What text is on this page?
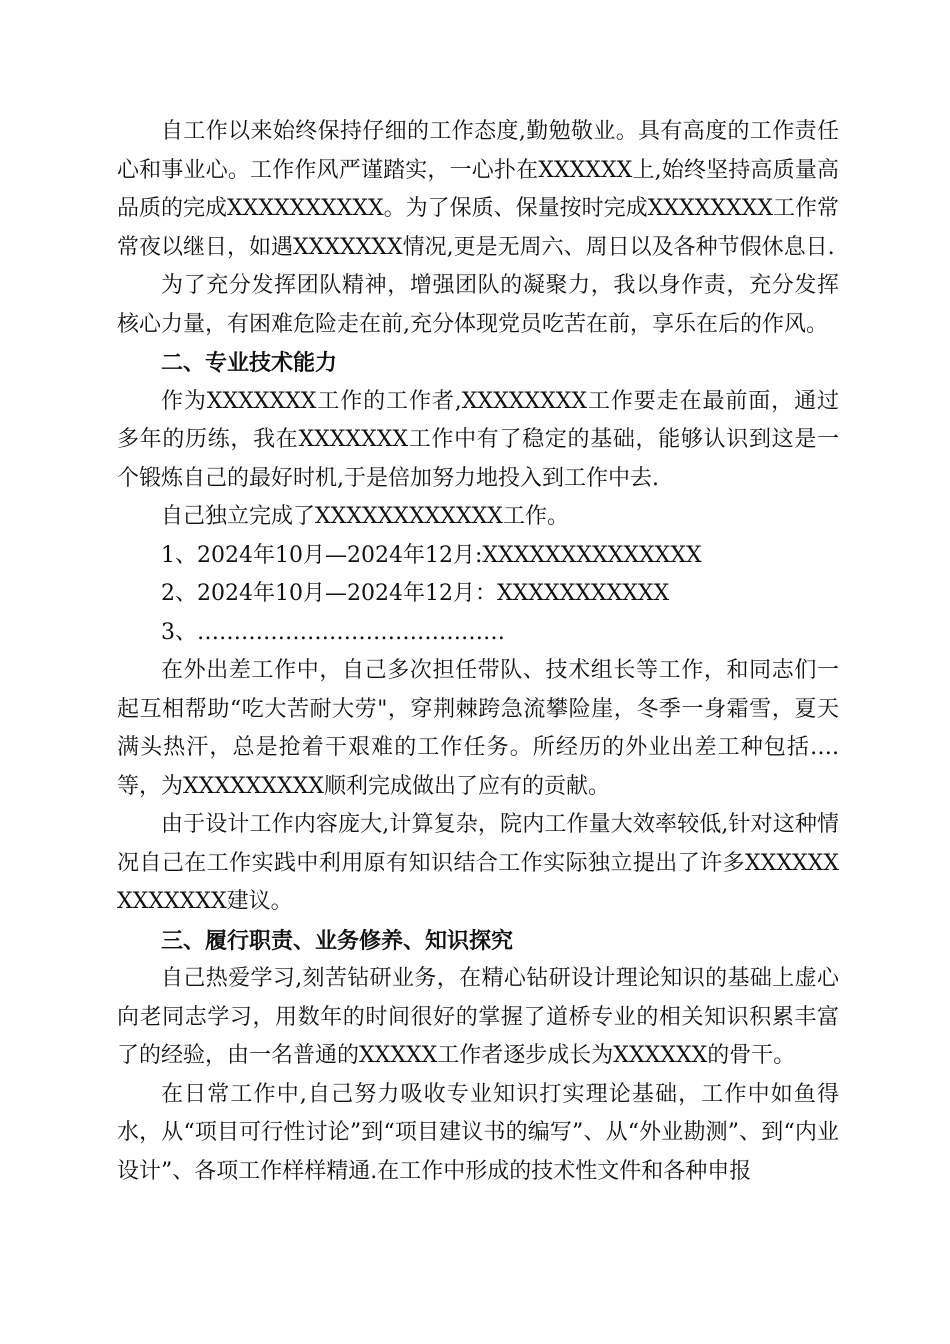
自工作以来始终保持仔细的工作态度,勤勉敬业。具有高度的工作责任心和事业心。工作作风严谨踏实，一心扑在XXXXXX上,始终坚持高质量高品质的完成XXXXXXXXXX。为了保质、保量按时完成XXXXXXXX工作常常夜以继日，如遇XXXXXXX情况,更是无周六、周日以及各种节假休息日.

为了充分发挥团队精神，增强团队的凝聚力，我以身作责，充分发挥核心力量，有困难危险走在前,充分体现党员吃苦在前，享乐在后的作风。

二、专业技术能力

作为XXXXXXX工作的工作者,XXXXXXXX工作要走在最前面，通过多年的历练，我在XXXXXXX工作中有了稳定的基础，能够认识到这是一个锻炼自己的最好时机,于是倍加努力地投入到工作中去.

自己独立完成了XXXXXXXXXXXX工作。

1、2024年10月—2024年12月:XXXXXXXXXXXXXX

2、2024年10月—2024年12月：XXXXXXXXXXX

3、……………………………………

在外出差工作中，自己多次担任带队、技术组长等工作，和同志们一起互相帮助“吃大苦耐大劳"，穿荆棘跨急流攀险崖，冬季一身霜雪，夏天满头热汗，总是抢着干艰难的工作任务。所经历的外业出差工种包括….等，为XXXXXXXXX顺利完成做出了应有的贡献。

由于设计工作内容庞大,计算复杂，院内工作量大效率较低,针对这种情况自己在工作实践中利用原有知识结合工作实际独立提出了许多XXXXXXXXXXXXX建议。

三、履行职责、业务修养、知识探究

自己热爱学习,刻苦钻研业务，在精心钻研设计理论知识的基础上虚心向老同志学习，用数年的时间很好的掌握了道桥专业的相关知识积累丰富了的经验，由一名普通的XXXXX工作者逐步成长为XXXXXX的骨干。

在日常工作中,自己努力吸收专业知识打实理论基础，工作中如鱼得水，从“项目可行性讨论”到“项目建议书的编写”、从“外业勘测”、到“内业设计”、各项工作样样精通.在工作中形成的技术性文件和各种申报
